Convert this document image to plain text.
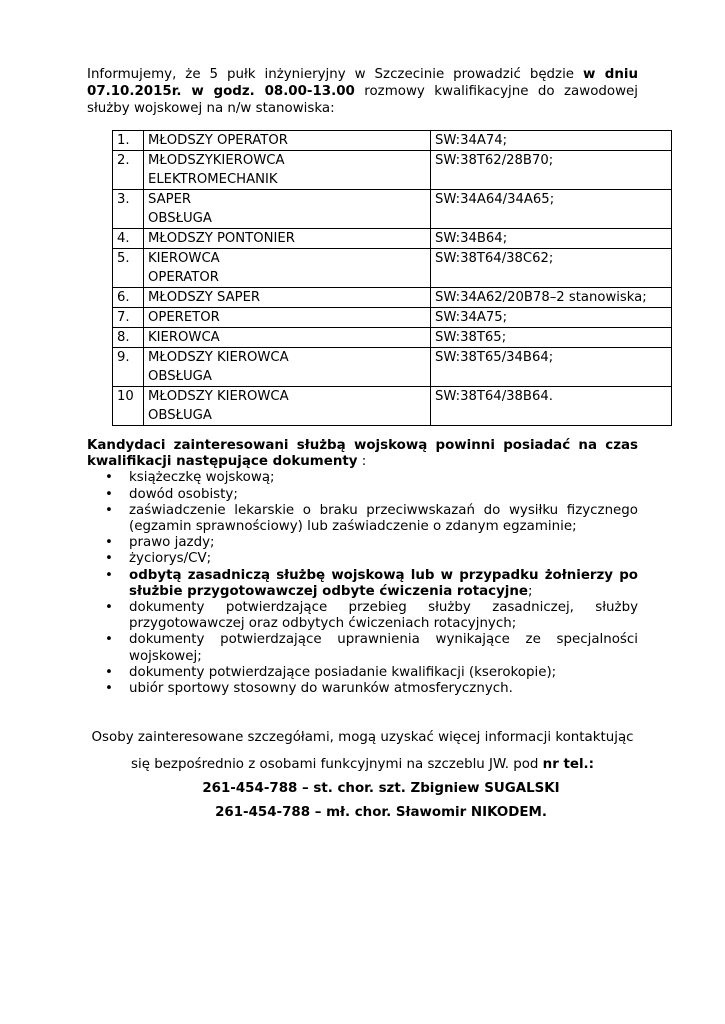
Informujemy, że 5 pułk inżynieryjny w Szczecinie prowadzić będzie w dniu 07.10.2015r. w godz. 08.00-13.00 rozmowy kwalifikacyjne do zawodowej służby wojskowej na n/w stanowiska:

1.	MŁODSZY OPERATOR	SW:34A74;
2.	MŁODSZYKIEROWCA
ELEKTROMECHANIK	SW:38T62/28B70;
3.	SAPER
OBSŁUGA	SW:34A64/34A65;
4.	MŁODSZY PONTONIER	SW:34B64;
5.	KIEROWCA
OPERATOR	SW:38T64/38C62;
6.	MŁODSZY SAPER	SW:34A62/20B78–2 stanowiska;
7.	OPERETOR	SW:34A75;
8.	KIEROWCA	SW:38T65;
9.	MŁODSZY KIEROWCA
OBSŁUGA	SW:38T65/34B64;
10	MŁODSZY KIEROWCA
OBSŁUGA	SW:38T64/38B64.

Kandydaci zainteresowani służbą wojskową powinni posiadać na czas kwalifikacji następujące dokumenty :

• książeczkę wojskową;
• dowód osobisty;
• zaświadczenie lekarskie o braku przeciwwskazań do wysiłku fizycznego (egzamin sprawnościowy) lub zaświadczenie o zdanym egzaminie;
• prawo jazdy;
• życiorys/CV;
• odbytą zasadniczą służbę wojskową lub w przypadku żołnierzy po służbie przygotowawczej odbyte ćwiczenia rotacyjne;
• dokumenty potwierdzające przebieg służby zasadniczej, służby przygotowawczej oraz odbytych ćwiczeniach rotacyjnych;
• dokumenty potwierdzające uprawnienia wynikające ze specjalności wojskowej;
• dokumenty potwierdzające posiadanie kwalifikacji (kserokopie);
• ubiór sportowy stosowny do warunków atmosferycznych.

Osoby zainteresowane szczegółami, mogą uzyskać więcej informacji kontaktując

się bezpośrednio z osobami funkcyjnymi na szczeblu JW. pod nr tel.:

261-454-788 – st. chor. szt. Zbigniew SUGALSKI

261-454-788 – mł. chor. Sławomir NIKODEM.
